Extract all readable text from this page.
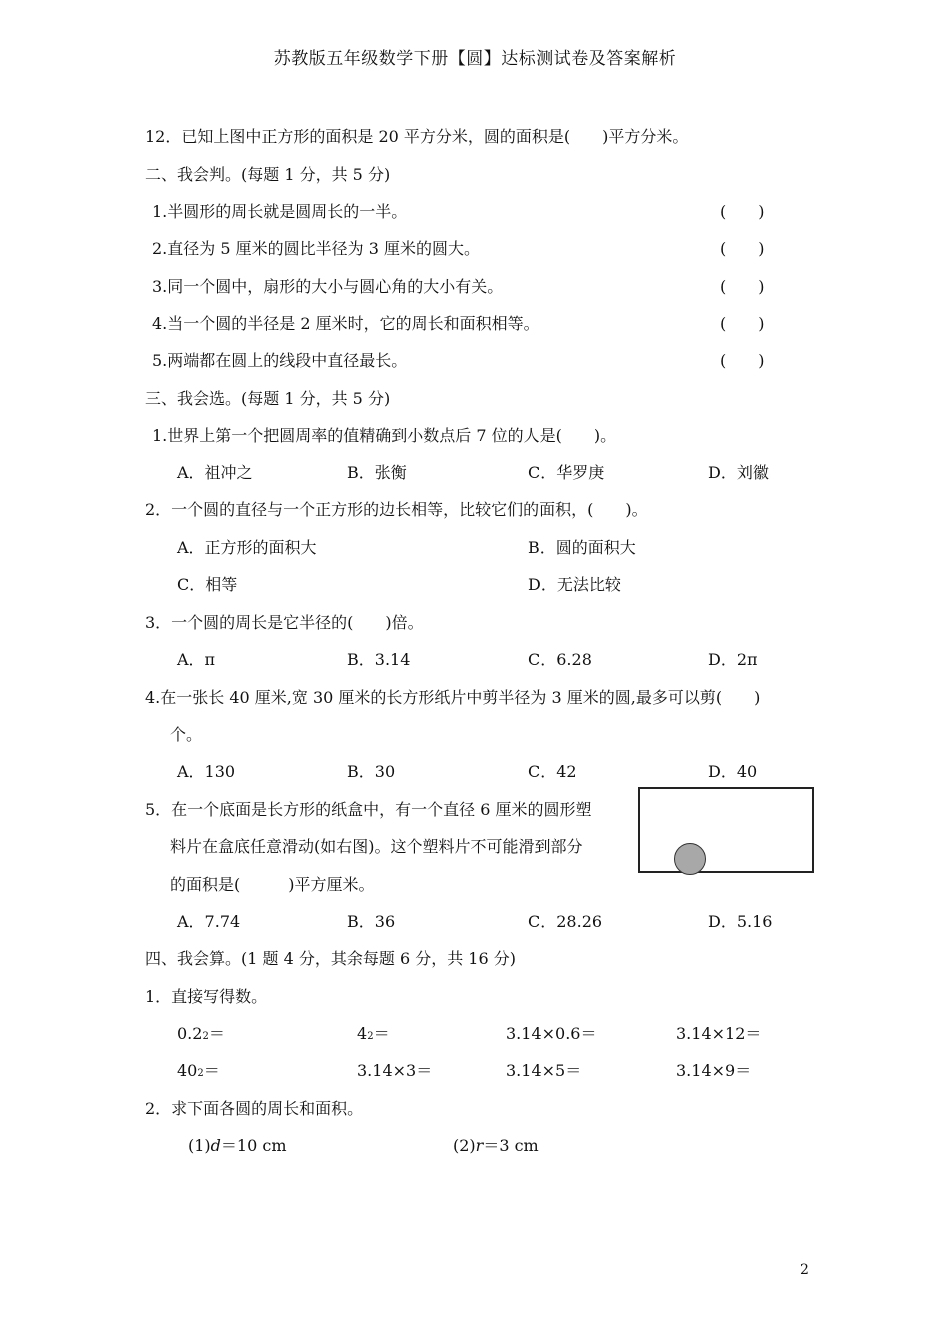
苏教版五年级数学下册【圆】达标测试卷及答案解析
12．已知上图中正方形的面积是 20 平方分米，圆的面积是(　　)平方分米。
二、我会判。(每题 1 分，共 5 分)
1.半圆形的周长就是圆周长的一半。	(　　)
2.直径为 5 厘米的圆比半径为 3 厘米的圆大。	(　　)
3.同一个圆中，扇形的大小与圆心角的大小有关。	(　　)
4.当一个圆的半径是 2 厘米时，它的周长和面积相等。	(　　)
5.两端都在圆上的线段中直径最长。	(　　)
三、我会选。(每题 1 分，共 5 分)
1.世界上第一个把圆周率的值精确到小数点后 7 位的人是(　　)。
A．祖冲之	B．张衡	C．华罗庚	D．刘徽
2．一个圆的直径与一个正方形的边长相等，比较它们的面积，(　　)。
A．正方形的面积大	B．圆的面积大
C．相等	D．无法比较
3．一个圆的周长是它半径的(　　)倍。
A．π	B．3.14	C．6.28	D．2π
4.在一张长 40 厘米,宽 30 厘米的长方形纸片中剪半径为 3 厘米的圆,最多可以剪(　　)
个。
A．130	B．30	C．42	D．40
5．在一个底面是长方形的纸盒中，有一个直径 6 厘米的圆形塑
料片在盒底任意滑动(如右图)。这个塑料片不可能滑到部分
的面积是(　　　)平方厘米。
A．7.74	B．36	C．28.26	D．5.16
四、我会算。(1 题 4 分，其余每题 6 分，共 16 分)
1．直接写得数。
0.22＝	42＝	3.14×0.6＝	3.14×12＝
402＝	3.14×3＝	3.14×5＝	3.14×9＝
2．求下面各圆的周长和面积。
(1)d＝10 cm	(2)r＝3 cm
2
